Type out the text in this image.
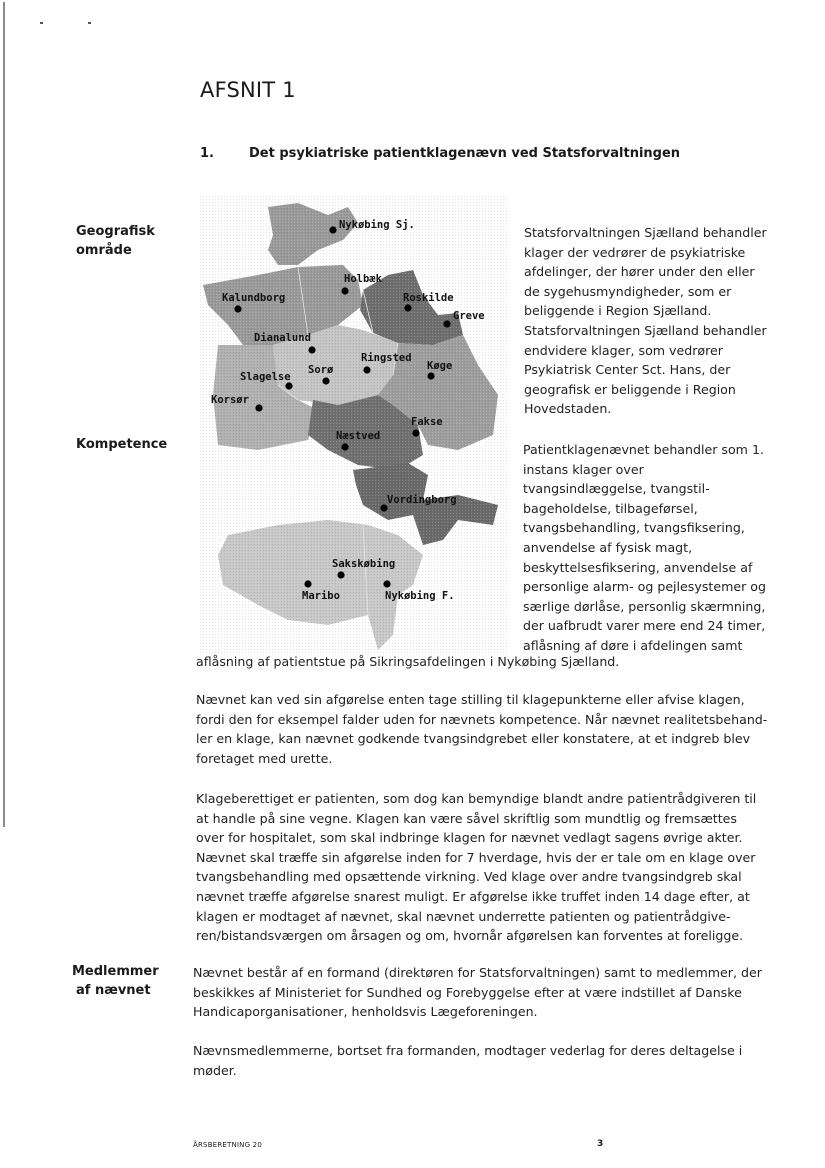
AFSNIT 1
1.	Det psykiatriske patientklagenævn ved Statsforvaltningen
Geografisk
område
Kompetence
Medlemmer
af nævnet
Nykøbing Sj.
Holbæk
Kalundborg	Roskilde
Greve
Dianalund
Ringsted
Køge
Sorø
Slagelse
Korsør
Fakse
Næstved
Vordingborg
Sakskøbing
Maribo	Nykøbing F.
Statsforvaltningen Sjælland behandler
klager der vedrører de psykiatriske
afdelinger, der hører under den eller
de sygehusmyndigheder, som er
beliggende i Region Sjælland.
Statsforvaltningen Sjælland behandler
endvidere klager, som vedrører
Psykiatrisk Center Sct. Hans, der
geografisk er beliggende i Region
Hovedstaden.
Patientklagenævnet behandler som 1.
instans klager over
tvangsindlæggelse, tvangstil-
bageholdelse, tilbageførsel,
tvangsbehandling, tvangsfiksering,
anvendelse af fysisk magt,
beskyttelsesfiksering, anvendelse af
personlige alarm- og pejlesystemer og
særlige dørlåse, personlig skærmning,
der uafbrudt varer mere end 24 timer,
aflåsning af døre i afdelingen samt
aflåsning af patientstue på Sikringsafdelingen i Nykøbing Sjælland.
Nævnet kan ved sin afgørelse enten tage stilling til klagepunkterne eller afvise klagen,
fordi den for eksempel falder uden for nævnets kompetence. Når nævnet realitetsbehand-
ler en klage, kan nævnet godkende tvangsindgrebet eller konstatere, at et indgreb blev
foretaget med urette.
Klageberettiget er patienten, som dog kan bemyndige blandt andre patientrådgiveren til
at handle på sine vegne. Klagen kan være såvel skriftlig som mundtlig og fremsættes
over for hospitalet, som skal indbringe klagen for nævnet vedlagt sagens øvrige akter.
Nævnet skal træffe sin afgørelse inden for 7 hverdage, hvis der er tale om en klage over
tvangsbehandling med opsættende virkning. Ved klage over andre tvangsindgreb skal
nævnet træffe afgørelse snarest muligt. Er afgørelse ikke truffet inden 14 dage efter, at
klagen er modtaget af nævnet, skal nævnet underrette patienten og patientrådgive-
ren/bistandsværgen om årsagen og om, hvornår afgørelsen kan forventes at foreligge.
Nævnet består af en formand (direktøren for Statsforvaltningen) samt to medlemmer, der
beskikkes af Ministeriet for Sundhed og Forebyggelse efter at være indstillet af Danske
Handicaporganisationer, henholdsvis Lægeforeningen.
Nævnsmedlemmerne, bortset fra formanden, modtager vederlag for deres deltagelse i
møder.
ÅRSBERETNING 20	3
